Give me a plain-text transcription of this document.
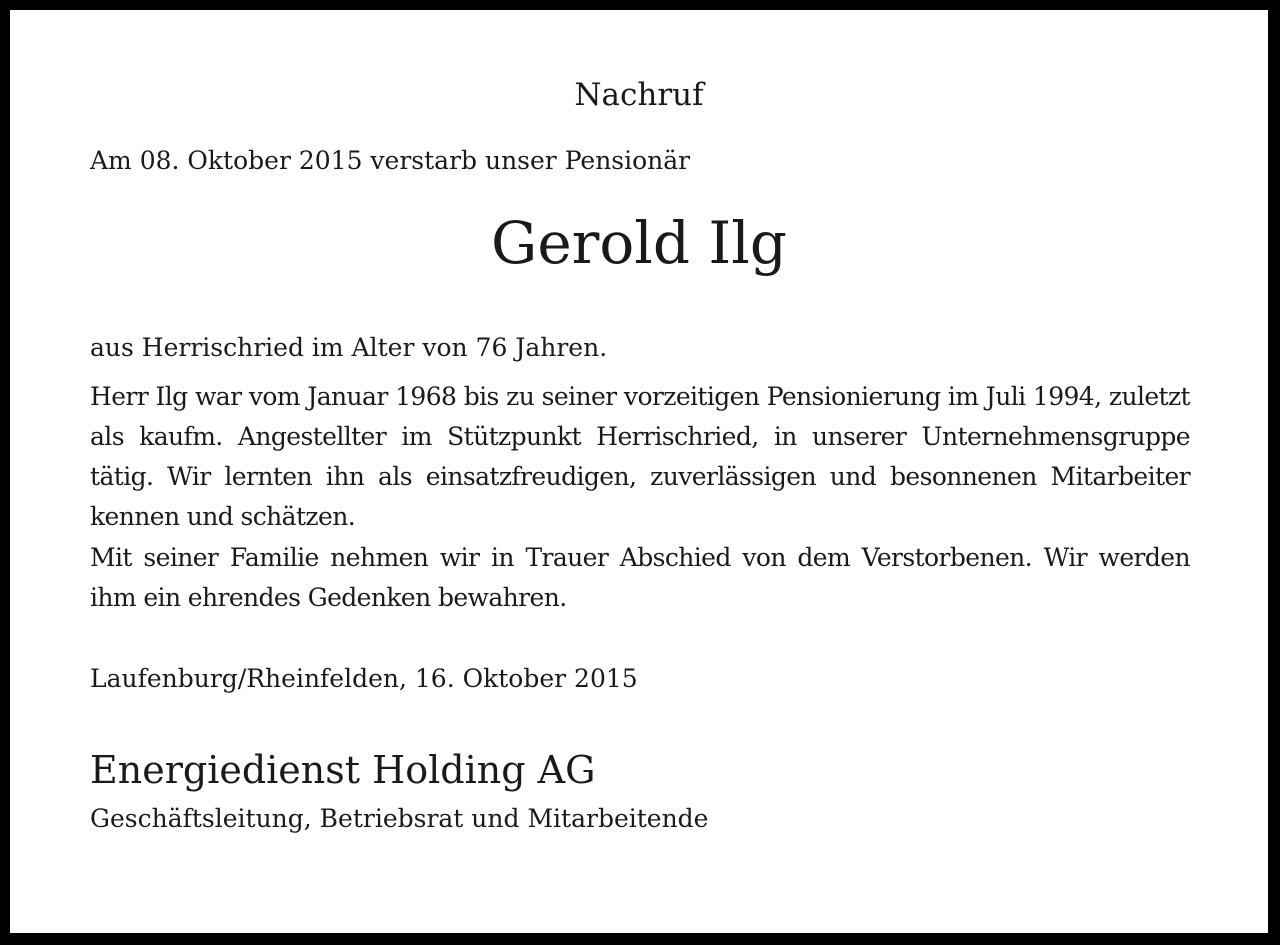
Nachruf

Am 08. Oktober 2015 verstarb unser Pensionär

Gerold Ilg

aus Herrischried im Alter von 76 Jahren.

Herr Ilg war vom Januar 1968 bis zu seiner vorzeitigen Pensionierung im Juli 1994, zuletzt als kaufm. Angestellter im Stützpunkt Herrischried, in unserer Unternehmensgruppe tätig. Wir lernten ihn als einsatzfreudigen, zuverlässigen und besonnenen Mitarbeiter kennen und schätzen.

Mit seiner Familie nehmen wir in Trauer Abschied von dem Verstorbenen. Wir werden ihm ein ehrendes Gedenken bewahren.

Laufenburg/Rheinfelden, 16. Oktober 2015

Energiedienst Holding AG

Geschäftsleitung, Betriebsrat und Mitarbeitende
